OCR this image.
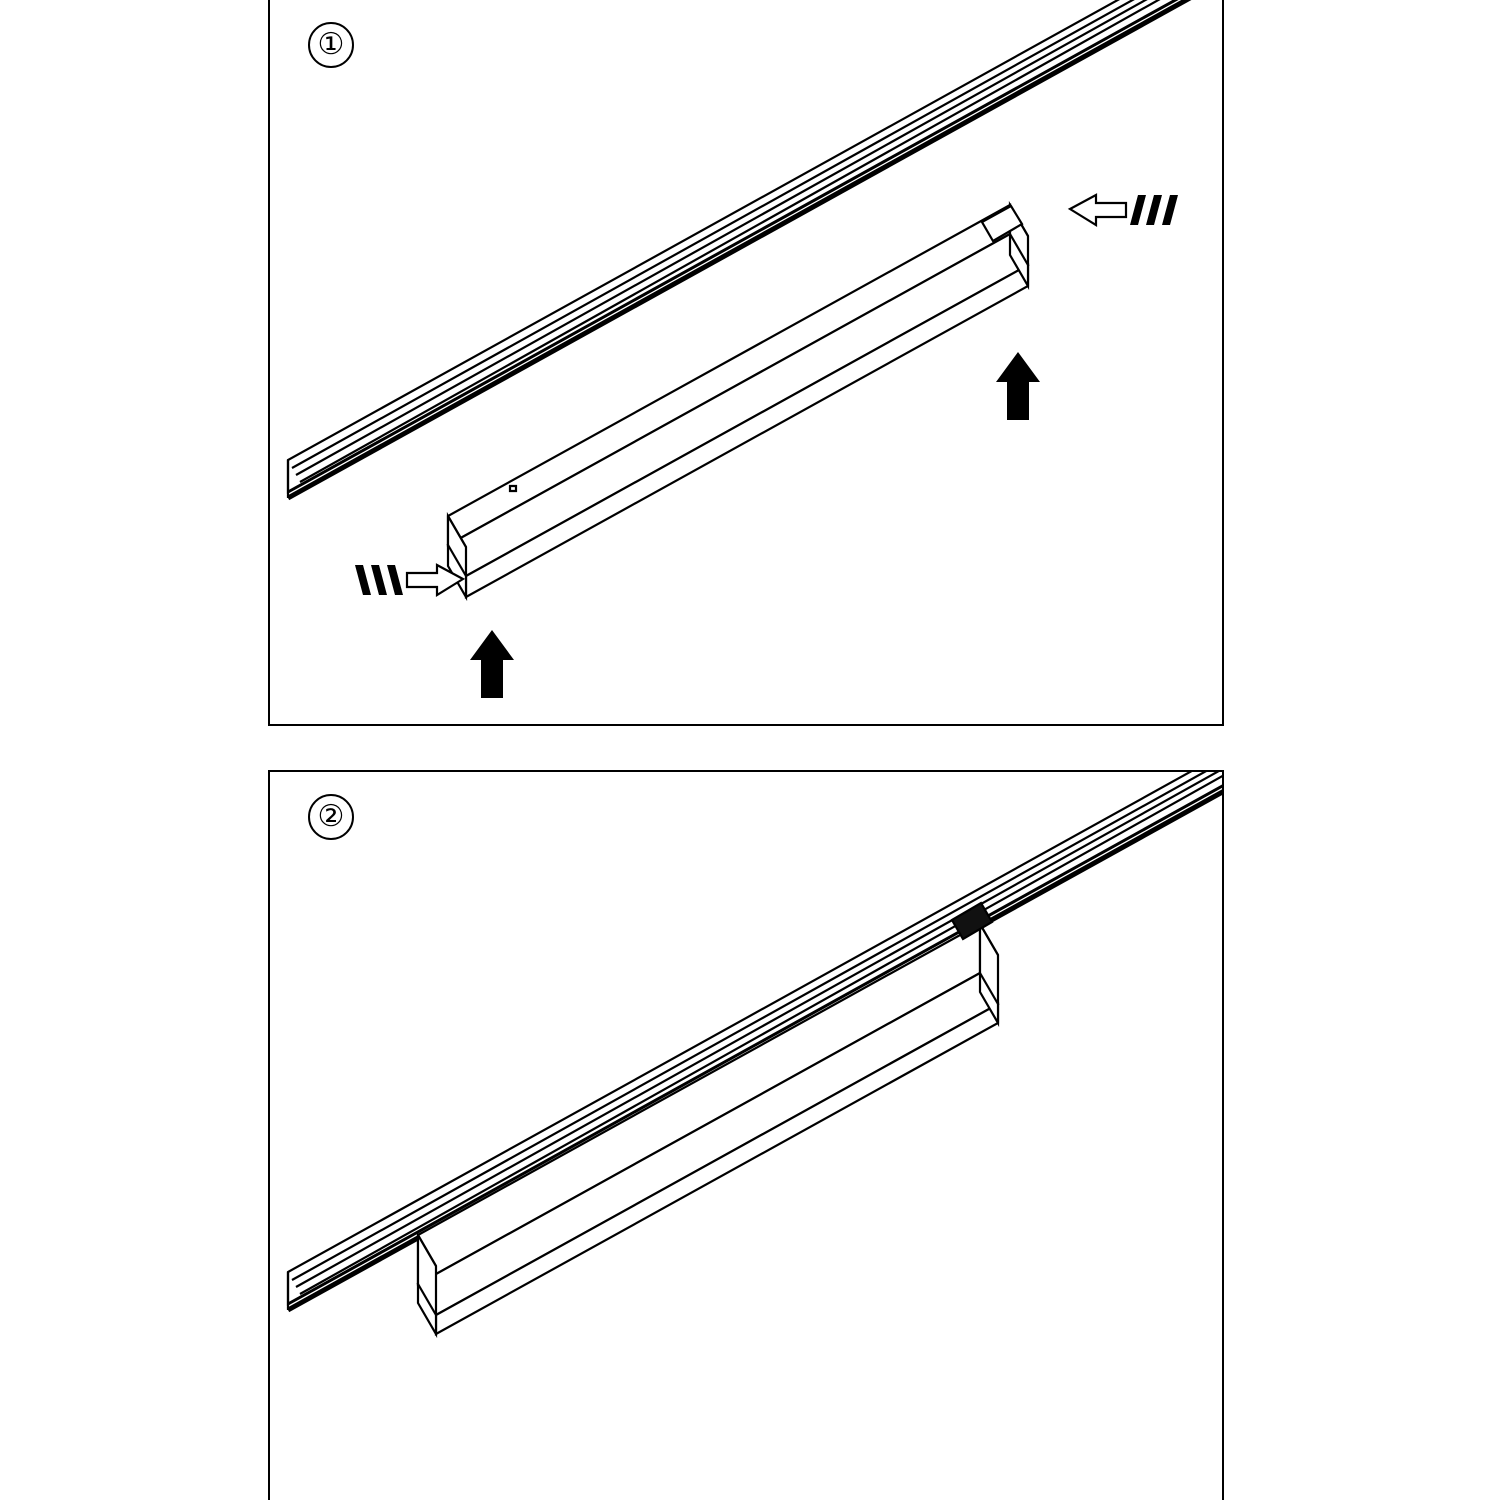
①
②
